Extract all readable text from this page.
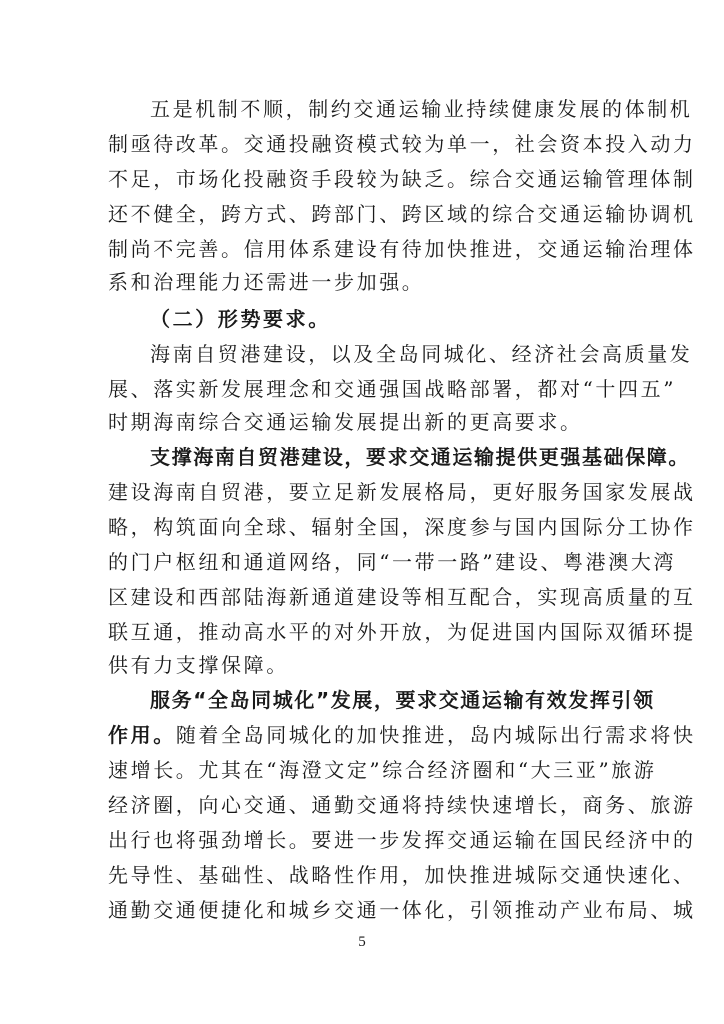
五是机制不顺，制约交通运输业持续健康发展的体制机
制亟待改革。交通投融资模式较为单一，社会资本投入动力
不足，市场化投融资手段较为缺乏。综合交通运输管理体制
还不健全，跨方式、跨部门、跨区域的综合交通运输协调机
制尚不完善。信用体系建设有待加快推进，交通运输治理体
系和治理能力还需进一步加强。
（二）形势要求。
海南自贸港建设，以及全岛同城化、经济社会高质量发
展、落实新发展理念和交通强国战略部署，都对“十四五”
时期海南综合交通运输发展提出新的更高要求。
支撑海南自贸港建设，要求交通运输提供更强基础保障。
建设海南自贸港，要立足新发展格局，更好服务国家发展战
略，构筑面向全球、辐射全国，深度参与国内国际分工协作
的门户枢纽和通道网络，同“一带一路”建设、粤港澳大湾
区建设和西部陆海新通道建设等相互配合，实现高质量的互
联互通，推动高水平的对外开放，为促进国内国际双循环提
供有力支撑保障。
服务“全岛同城化”发展，要求交通运输有效发挥引领
作用。随着全岛同城化的加快推进，岛内城际出行需求将快
速增长。尤其在“海澄文定”综合经济圈和“大三亚”旅游
经济圈，向心交通、通勤交通将持续快速增长，商务、旅游
出行也将强劲增长。要进一步发挥交通运输在国民经济中的
先导性、基础性、战略性作用，加快推进城际交通快速化、
通勤交通便捷化和城乡交通一体化，引领推动产业布局、城
5
